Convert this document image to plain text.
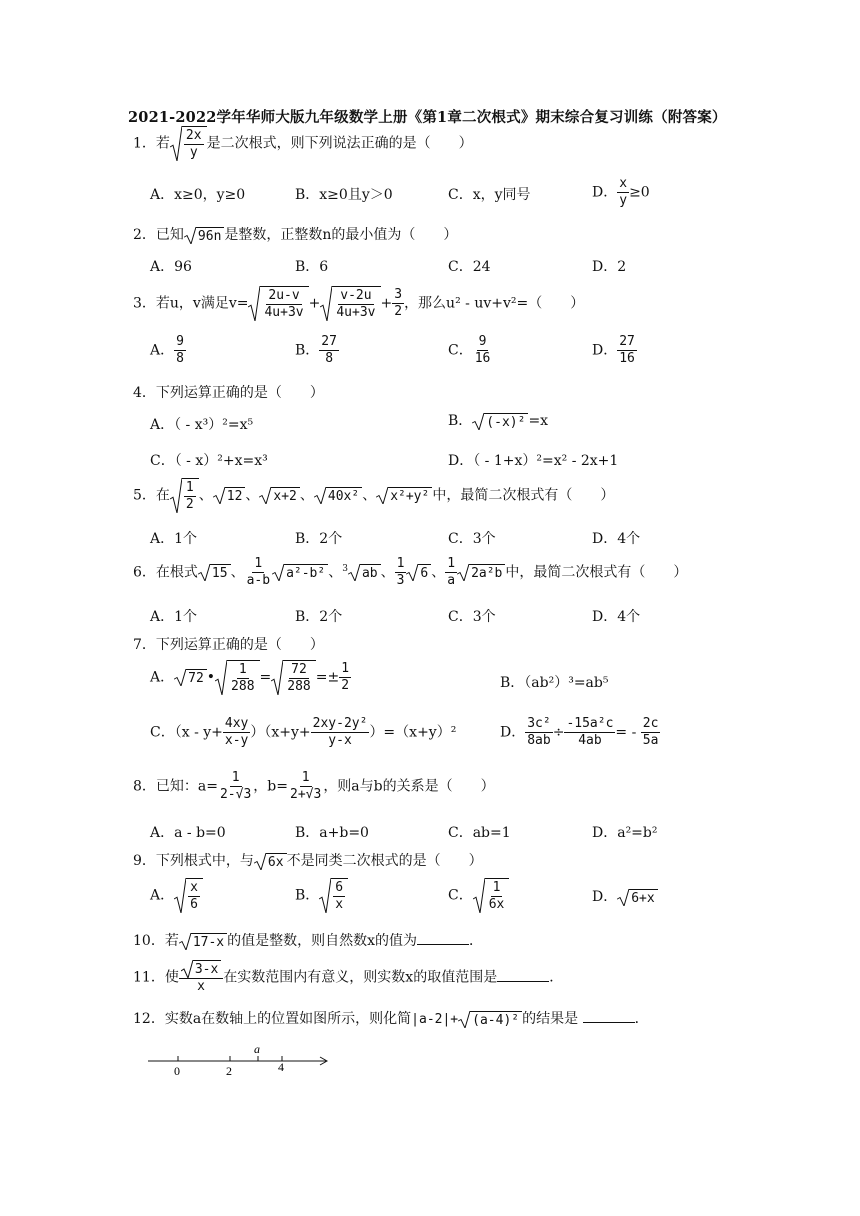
2021-2022学年华师大版九年级数学上册《第1章二次根式》期末综合复习训练（附答案）
1．若 $\frac{2x}{y}$ 是二次根式，则下列说法正确的是（　　）
A．x≥0，y≥0	B．x≥0且y＞0	C．x，y同号	D． $\frac{x}{y} \ge 0$
2．已知 96n 是整数，正整数n的最小值为（　　）
A．96	B．6	C．24	D．2
3．若u，v满足$v= \frac{2u-v}{4u+3v} + \frac{v-2u}{4u+3v} + \frac{3}{2}$ ，那么u² - uv+v²=（　　）
A． $\frac{9}{8}$	B． $\frac{27}{8}$	C． $\frac{9}{16}$	D． $\frac{27}{16}$
4．下列运算正确的是（　　）
A．（ - x³）²=x⁵	B． (-x)² =x
C．（ - x）²+x=x³	D．（ - 1+x）²=x² - 2x+1
5．在 $\frac{1}{2}$ 、 12 、 x+2 、 40x² 、 x²+y² 中，最简二次根式有（　　）
A．1个	B．2个	C．3个	D．4个
6．在根式 15 、 $\frac{1}{a-b} a^2-b^2$ 、$^3$ ab 、 $\frac{1}{3} 6$ 、 $\frac{1}{a} 2a^2b$ 中，最简二次根式有（　　）
A．1个	B．2个	C．3个	D．4个
7．下列运算正确的是（　　）
A． 72 • $\frac{1}{288} = \frac{72}{288} =\pm \frac{1}{2}$	B．（ab²）³=ab⁵
C．$(x - y+ \frac{4xy}{x-y} )(x+y+ \frac{\text{2xy-2y²}}{y-x} )=(x+y)^2$	D． $\frac{\text{3c²}}{8ab} \div \frac{\text{-15a²c}}{4ab}$ = - $\frac{2c}{5a}$
8．已知：$a= \frac{1}{2-√3}$ ，$b= \frac{1}{2+√3}$ ，则a与b的关系是（　　）
A．a - b=0	B．a+b=0	C．ab=1	D．a²=b²
9．下列根式中，与 6x 不是同类二次根式的是（　　）
A． $\frac{x}{6}$	B． $\frac{6}{x}$	C． $\frac{1}{6x}$	D． 6+x
10．若 17-x 的值是整数，则自然数x的值为	．
11．使 $\frac{3-x}{x}$ 在实数范围内有意义，则实数x的取值范围是	．
12．实数a在数轴上的位置如图所示，则化简|a-2|+ (a-4)² 的结果是	．
a
0	2	4
